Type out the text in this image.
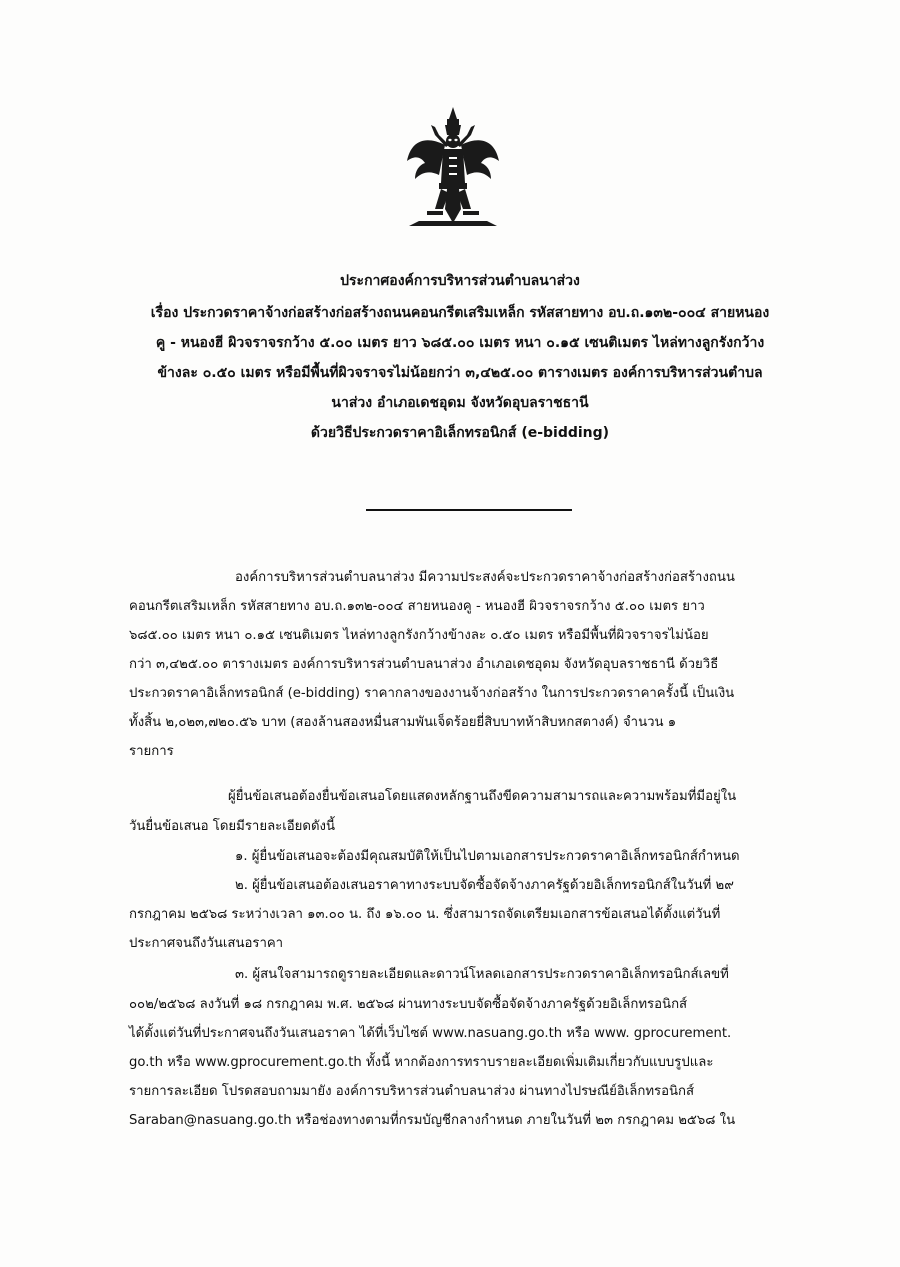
ประกาศองค์การบริหารส่วนตำบลนาส่วง
เรื่อง ประกวดราคาจ้างก่อสร้างก่อสร้างถนนคอนกรีตเสริมเหล็ก รหัสสายทาง อบ.ถ.๑๓๒-๐๐๔ สายหนอง
คู - หนองฮี ผิวจราจรกว้าง ๕.๐๐ เมตร ยาว ๖๘๕.๐๐ เมตร หนา ๐.๑๕ เซนติเมตร ไหล่ทางลูกรังกว้าง
ข้างละ ๐.๕๐ เมตร หรือมีพื้นที่ผิวจราจรไม่น้อยกว่า ๓,๔๒๕.๐๐ ตารางเมตร องค์การบริหารส่วนตำบล
นาส่วง อำเภอเดชอุดม จังหวัดอุบลราชธานี
ด้วยวิธีประกวดราคาอิเล็กทรอนิกส์ (e-bidding)
องค์การบริหารส่วนตำบลนาส่วง มีความประสงค์จะประกวดราคาจ้างก่อสร้างก่อสร้างถนน
คอนกรีตเสริมเหล็ก รหัสสายทาง อบ.ถ.๑๓๒-๐๐๔ สายหนองคู - หนองฮี ผิวจราจรกว้าง ๕.๐๐ เมตร ยาว
๖๘๕.๐๐ เมตร หนา ๐.๑๕ เซนติเมตร ไหล่ทางลูกรังกว้างข้างละ ๐.๕๐ เมตร หรือมีพื้นที่ผิวจราจรไม่น้อย
กว่า ๓,๔๒๕.๐๐ ตารางเมตร องค์การบริหารส่วนตำบลนาส่วง อำเภอเดชอุดม จังหวัดอุบลราชธานี ด้วยวิธี
ประกวดราคาอิเล็กทรอนิกส์ (e-bidding) ราคากลางของงานจ้างก่อสร้าง ในการประกวดราคาครั้งนี้ เป็นเงิน
ทั้งสิ้น ๒,๐๒๓,๗๒๐.๕๖ บาท (สองล้านสองหมื่นสามพันเจ็ดร้อยยี่สิบบาทห้าสิบหกสตางค์) จำนวน ๑
รายการ
ผู้ยื่นข้อเสนอต้องยื่นข้อเสนอโดยแสดงหลักฐานถึงขีดความสามารถและความพร้อมที่มีอยู่ใน
วันยื่นข้อเสนอ โดยมีรายละเอียดดังนี้
๑. ผู้ยื่นข้อเสนอจะต้องมีคุณสมบัติให้เป็นไปตามเอกสารประกวดราคาอิเล็กทรอนิกส์กำหนด
๒. ผู้ยื่นข้อเสนอต้องเสนอราคาทางระบบจัดซื้อจัดจ้างภาครัฐด้วยอิเล็กทรอนิกส์ในวันที่ ๒๙
กรกฎาคม ๒๕๖๘ ระหว่างเวลา ๑๓.๐๐ น. ถึง ๑๖.๐๐ น. ซึ่งสามารถจัดเตรียมเอกสารข้อเสนอได้ตั้งแต่วันที่
ประกาศจนถึงวันเสนอราคา
๓. ผู้สนใจสามารถดูรายละเอียดและดาวน์โหลดเอกสารประกวดราคาอิเล็กทรอนิกส์เลขที่
๐๐๒/๒๕๖๘ ลงวันที่ ๑๘ กรกฎาคม พ.ศ. ๒๕๖๘ ผ่านทางระบบจัดซื้อจัดจ้างภาครัฐด้วยอิเล็กทรอนิกส์
ได้ตั้งแต่วันที่ประกาศจนถึงวันเสนอราคา ได้ที่เว็บไซต์ www.nasuang.go.th หรือ www. gprocurement.
go.th หรือ www.gprocurement.go.th ทั้งนี้ หากต้องการทราบรายละเอียดเพิ่มเติมเกี่ยวกับแบบรูปและ
รายการละเอียด โปรดสอบถามมายัง องค์การบริหารส่วนตำบลนาส่วง ผ่านทางไปรษณีย์อิเล็กทรอนิกส์
Saraban@nasuang.go.th หรือช่องทางตามที่กรมบัญชีกลางกำหนด ภายในวันที่ ๒๓ กรกฎาคม ๒๕๖๘ ใน
